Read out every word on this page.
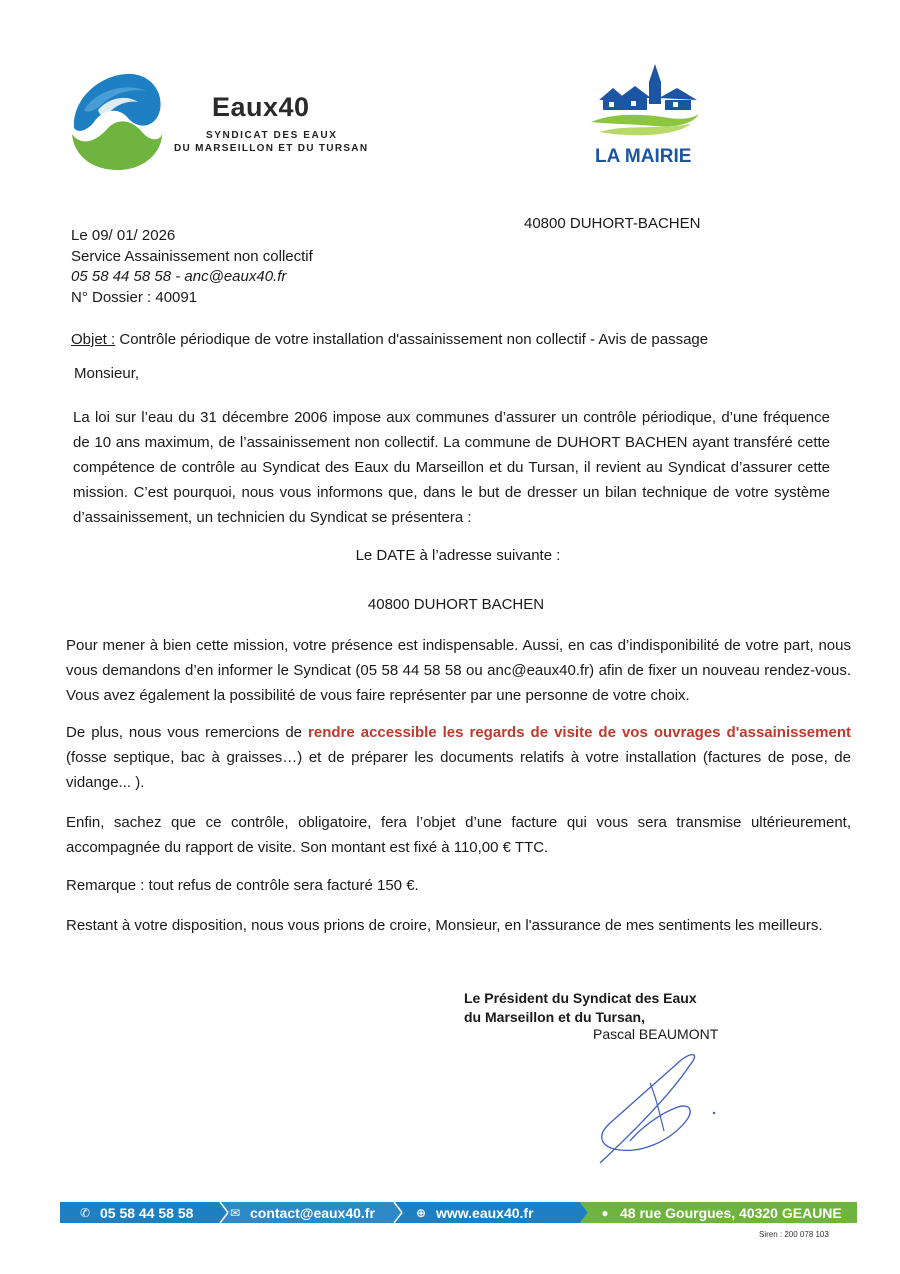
Eaux40
SYNDICAT DES EAUX
DU MARSEILLON ET DU TURSAN	LA MAIRIE
40800 DUHORT-BACHEN
Le 09/ 01/ 2026
Service Assainissement non collectif
05 58 44 58 58 - anc@eaux40.fr
N° Dossier : 40091
Objet : Contrôle périodique de votre installation d'assainissement non collectif - Avis de passage
Monsieur,
La loi sur l’eau du 31 décembre 2006 impose aux communes d’assurer un contrôle périodique, d’une fréquence de 10 ans maximum, de l’assainissement non collectif. La commune de DUHORT BACHEN ayant transféré cette compétence de contrôle au Syndicat des Eaux du Marseillon et du Tursan, il revient au Syndicat d’assurer cette mission. C’est pourquoi, nous vous informons que, dans le but de dresser un bilan technique de votre système d’assainissement, un technicien du Syndicat se présentera :
Le DATE à l’adresse suivante :
40800 DUHORT BACHEN
Pour mener à bien cette mission, votre présence est indispensable. Aussi, en cas d’indisponibilité de votre part, nous vous demandons d’en informer le Syndicat (05 58 44 58 58 ou anc@eaux40.fr) afin de fixer un nouveau rendez-vous. Vous avez également la possibilité de vous faire représenter par une personne de votre choix.
De plus, nous vous remercions de rendre accessible les regards de visite de vos ouvrages d'assainissement (fosse septique, bac à graisses…) et de préparer les documents relatifs à votre installation (factures de pose, de vidange... ).
Enfin, sachez que ce contrôle, obligatoire, fera l’objet d’une facture qui vous sera transmise ultérieurement, accompagnée du rapport de visite. Son montant est fixé à 110,00 € TTC.
Remarque : tout refus de contrôle sera facturé 150 €.
Restant à votre disposition, nous vous prions de croire, Monsieur, en l'assurance de mes sentiments les meilleurs.
Le Président du Syndicat des Eaux
du Marseillon et du Tursan,
Pascal BEAUMONT
✆ 05 58 44 58 58	✉ contact@eaux40.fr	⊕ www.eaux40.fr	● 48 rue Gourgues, 40320 GEAUNE
Siren : 200 078 103
